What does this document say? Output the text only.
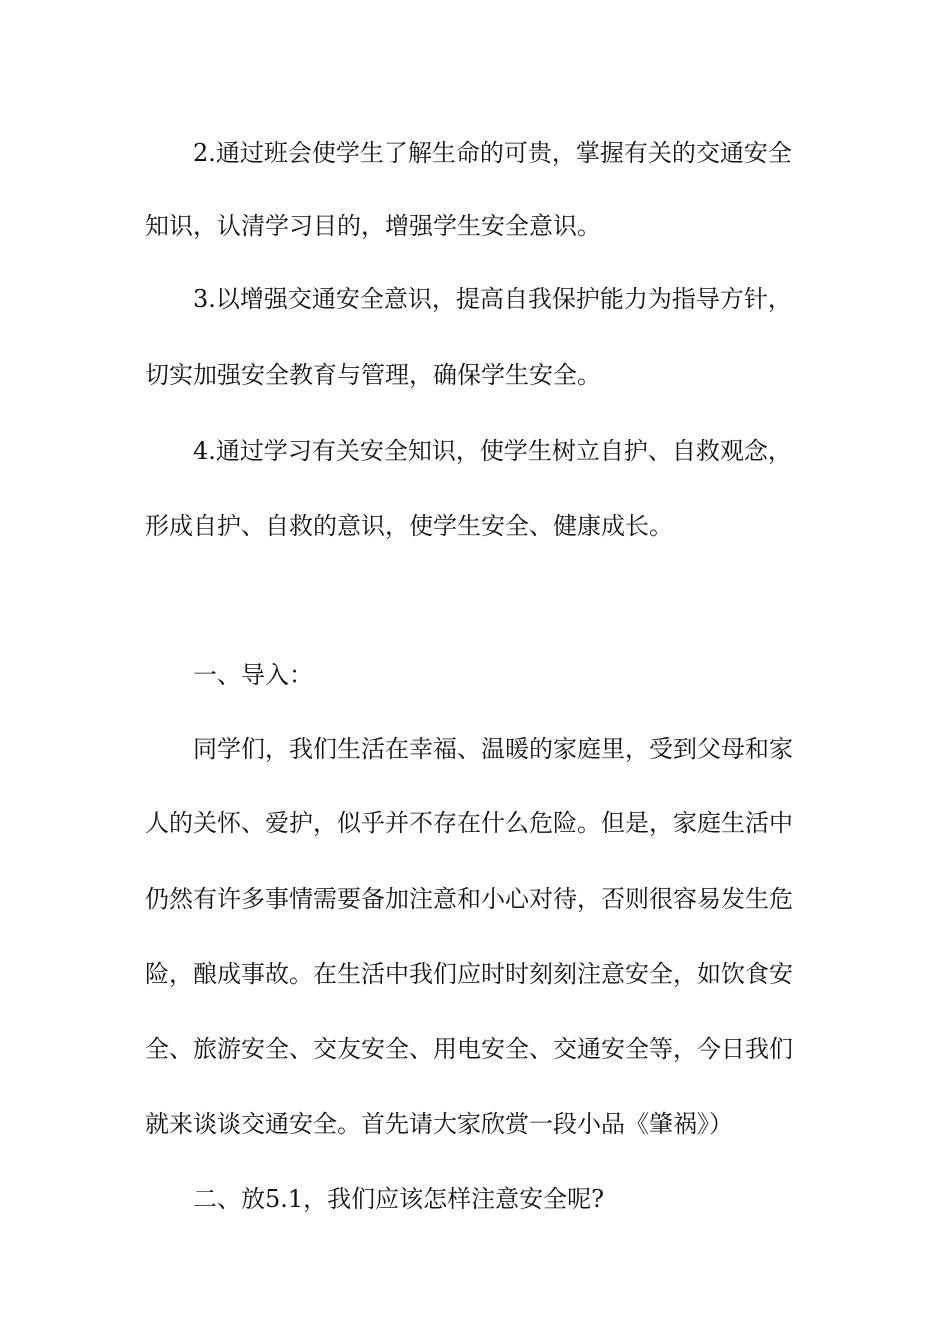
2.通过班会使学生了解生命的可贵，掌握有关的交通安全
知识，认清学习目的，增强学生安全意识。
3.以增强交通安全意识，提高自我保护能力为指导方针，
切实加强安全教育与管理，确保学生安全。
4.通过学习有关安全知识，使学生树立自护、自救观念，
形成自护、自救的意识，使学生安全、健康成长。
一、导入：
同学们，我们生活在幸福、温暖的家庭里，受到父母和家
人的关怀、爱护，似乎并不存在什么危险。但是，家庭生活中
仍然有许多事情需要备加注意和小心对待，否则很容易发生危
险，酿成事故。在生活中我们应时时刻刻注意安全，如饮食安
全、旅游安全、交友安全、用电安全、交通安全等，今日我们
就来谈谈交通安全。首先请大家欣赏一段小品《肇祸》）
二、放5.1，我们应该怎样注意安全呢?
